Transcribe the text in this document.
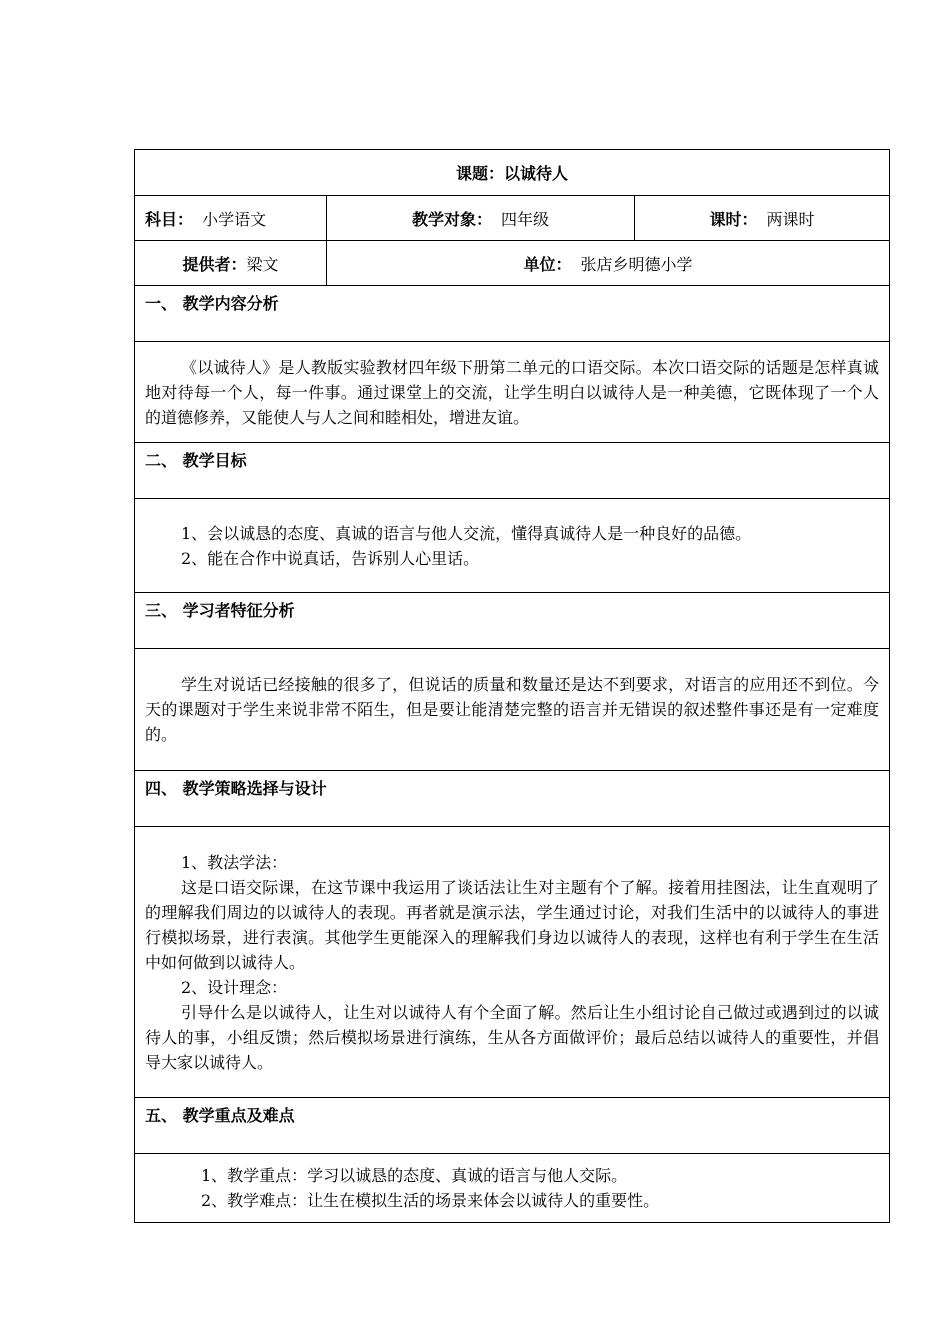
课题：以诚待人		
科目： 小学语文	教学对象： 四年级	课时： 两课时
提供者：梁文	单位： 张店乡明德小学	
一、 教学内容分析		

《以诚待人》是人教版实验教材四年级下册第二单元的口语交际。本次口语交际的话题是怎样真诚地对待每一个人，每一件事。通过课堂上的交流，让学生明白以诚待人是一种美德，它既体现了一个人的道德修养，又能使人与人之间和睦相处，增进友谊。		

二、 教学目标		

1、会以诚恳的态度、真诚的语言与他人交流，懂得真诚待人是一种良好的品德。

2、能在合作中说真话，告诉别人心里话。		

三、 学习者特征分析		

学生对说话已经接触的很多了，但说话的质量和数量还是达不到要求，对语言的应用还不到位。今天的课题对于学生来说非常不陌生，但是要让能清楚完整的语言并无错误的叙述整件事还是有一定难度的。		

四、 教学策略选择与设计		

1、教法学法：

这是口语交际课，在这节课中我运用了谈话法让生对主题有个了解。接着用挂图法，让生直观明了的理解我们周边的以诚待人的表现。再者就是演示法，学生通过讨论，对我们生活中的以诚待人的事进行模拟场景，进行表演。其他学生更能深入的理解我们身边以诚待人的表现，这样也有利于学生在生活中如何做到以诚待人。

2、设计理念：

引导什么是以诚待人，让生对以诚待人有个全面了解。然后让生小组讨论自己做过或遇到过的以诚待人的事，小组反馈；然后模拟场景进行演练，生从各方面做评价；最后总结以诚待人的重要性，并倡导大家以诚待人。		

五、 教学重点及难点		

1、教学重点：学习以诚恳的态度、真诚的语言与他人交际。

2、教学难点：让生在模拟生活的场景来体会以诚待人的重要性。		
